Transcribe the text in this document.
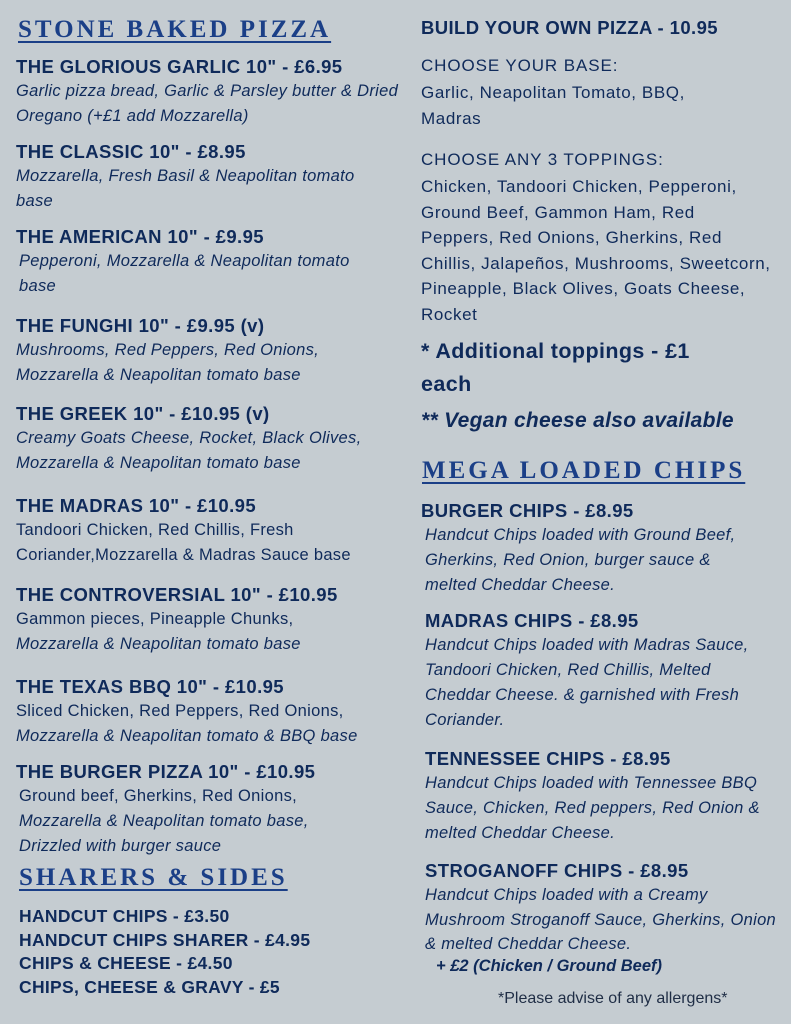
STONE BAKED PIZZA
THE GLORIOUS GARLIC 10" - £6.95
Garlic pizza bread, Garlic & Parsley butter & Dried Oregano (+£1 add Mozzarella)
THE CLASSIC 10" - £8.95
Mozzarella, Fresh Basil & Neapolitan tomato base
THE AMERICAN 10" - £9.95
Pepperoni, Mozzarella & Neapolitan tomato base
THE FUNGHI 10" - £9.95 (v)
Mushrooms, Red Peppers, Red Onions, Mozzarella & Neapolitan tomato base
THE GREEK 10" - £10.95 (v)
Creamy Goats Cheese, Rocket, Black Olives, Mozzarella & Neapolitan tomato base
THE MADRAS 10" - £10.95
Tandoori Chicken, Red Chillis, Fresh
Coriander,Mozzarella & Madras Sauce base
THE CONTROVERSIAL 10" - £10.95
Gammon pieces, Pineapple Chunks,
Mozzarella & Neapolitan tomato base
THE TEXAS BBQ 10" - £10.95
Sliced Chicken, Red Peppers, Red Onions,
Mozzarella & Neapolitan tomato & BBQ base
THE BURGER PIZZA 10" - £10.95
Ground beef, Gherkins, Red Onions,
Mozzarella & Neapolitan tomato base,
Drizzled with burger sauce
SHARERS & SIDES
HANDCUT CHIPS - £3.50
HANDCUT CHIPS SHARER - £4.95
CHIPS & CHEESE - £4.50
CHIPS, CHEESE & GRAVY - £5
BUILD YOUR OWN PIZZA - 10.95
CHOOSE YOUR BASE:
Garlic, Neapolitan Tomato, BBQ, Madras
CHOOSE ANY 3 TOPPINGS:
Chicken, Tandoori Chicken, Pepperoni, Ground Beef, Gammon Ham, Red Peppers, Red Onions, Gherkins, Red Chillis, Jalapeños, Mushrooms, Sweetcorn, Pineapple, Black Olives, Goats Cheese, Rocket
* Additional toppings - £1 each
** Vegan cheese also available
MEGA LOADED CHIPS
BURGER CHIPS - £8.95
Handcut Chips loaded with Ground Beef, Gherkins, Red Onion, burger sauce & melted Cheddar Cheese.
MADRAS CHIPS - £8.95
Handcut Chips loaded with Madras Sauce, Tandoori Chicken, Red Chillis, Melted Cheddar Cheese. & garnished with Fresh Coriander.
TENNESSEE CHIPS - £8.95
Handcut Chips loaded with Tennessee BBQ Sauce, Chicken, Red peppers, Red Onion & melted Cheddar Cheese.
STROGANOFF CHIPS - £8.95
Handcut Chips loaded with a Creamy Mushroom Stroganoff Sauce, Gherkins, Onion & melted Cheddar Cheese.
+ £2 (Chicken / Ground Beef)
*Please advise of any allergens*
